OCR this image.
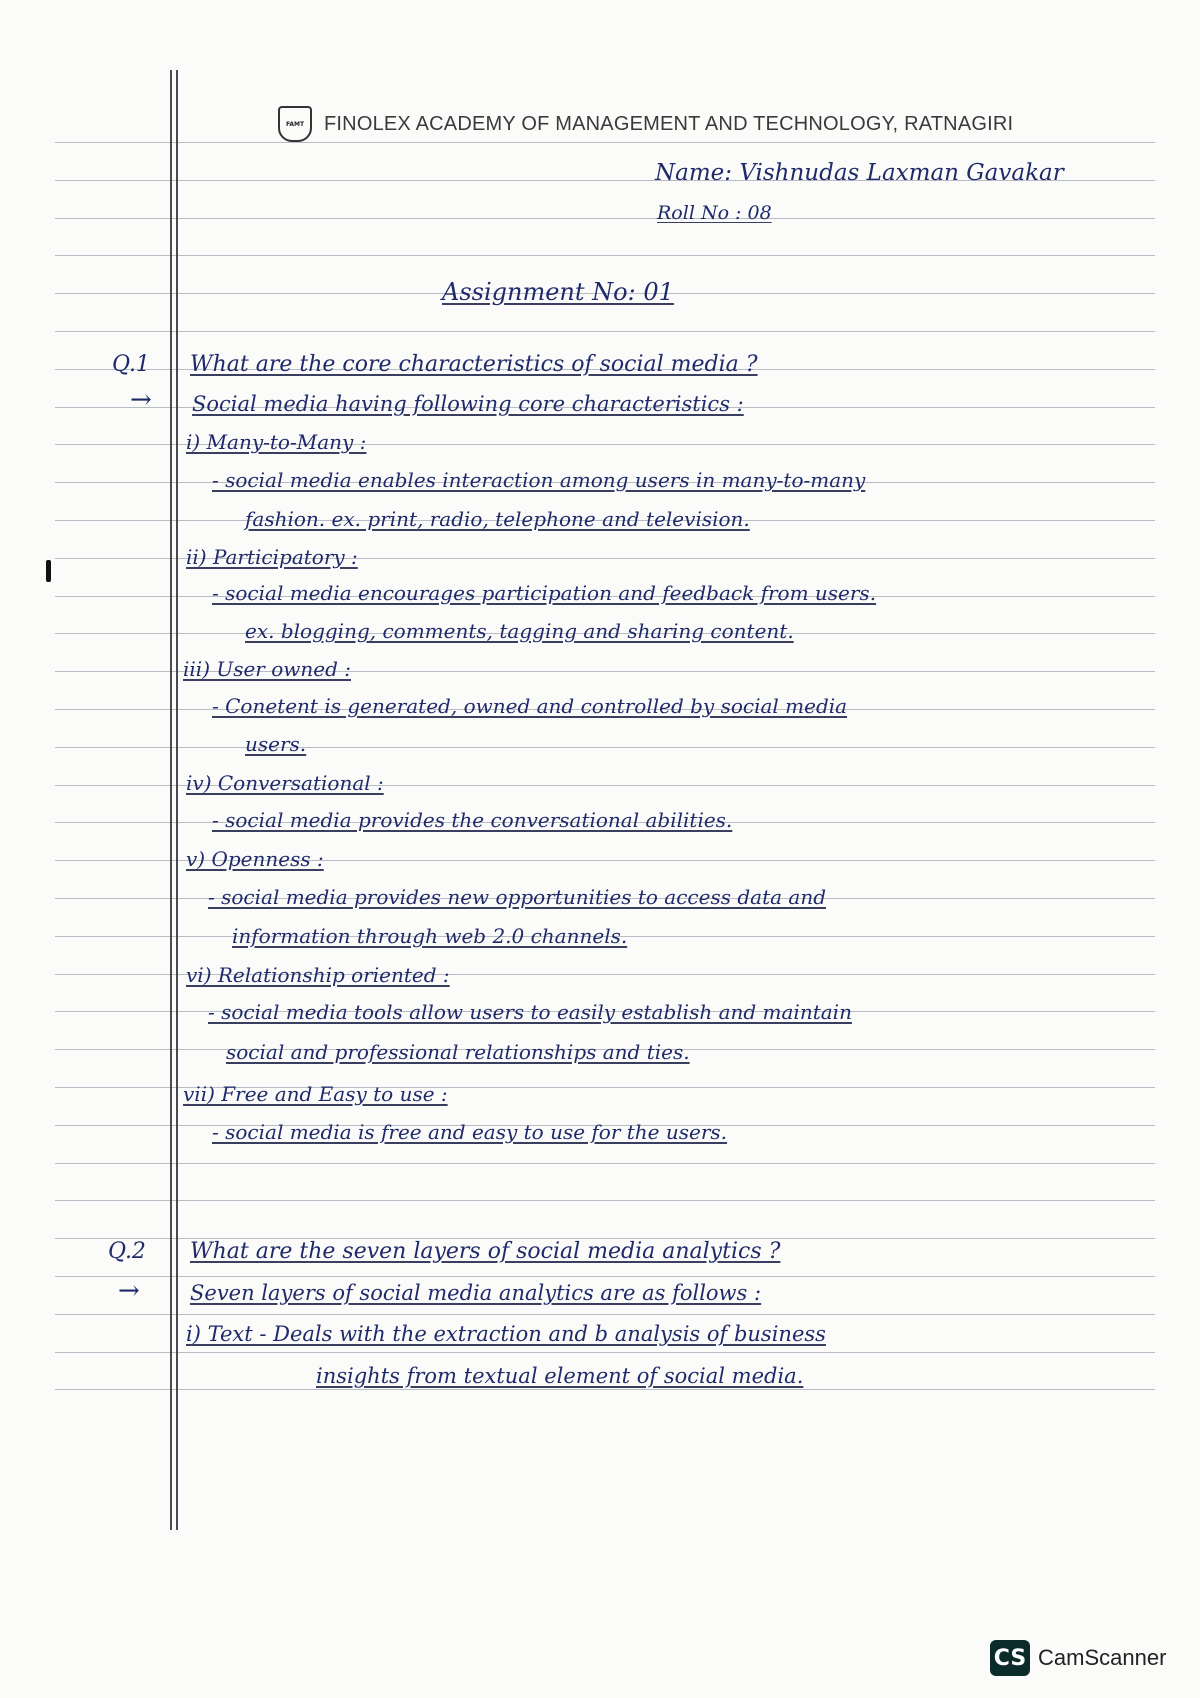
FAMT FINOLEX ACADEMY OF MANAGEMENT AND TECHNOLOGY, RATNAGIRI
Name: Vishnudas Laxman Gavakar
Roll No : 08
Assignment No: 01
Q.1 What are the core characteristics of social media ?
→ Social media having following core characteristics :
i) Many-to-Many :
- social media enables interaction among users in many-to-many
fashion. ex. print, radio, telephone and television.
ii) Participatory :
- social media encourages participation and feedback from users.
ex. blogging, comments, tagging and sharing content.
iii) User owned :
- Conetent is generated, owned and controlled by social media
users.
iv) Conversational :
- social media provides the conversational abilities.
v) Openness :
- social media provides new opportunities to access data and
information through web 2.0 channels.
vi) Relationship oriented :
- social media tools allow users to easily establish and maintain
social and professional relationships and ties.
vii) Free and Easy to use :
- social media is free and easy to use for the users.
Q.2 What are the seven layers of social media analytics ?
→ Seven layers of social media analytics are as follows :
i) Text - Deals with the extraction and b analysis of business
insights from textual element of social media.
CS CamScanner
